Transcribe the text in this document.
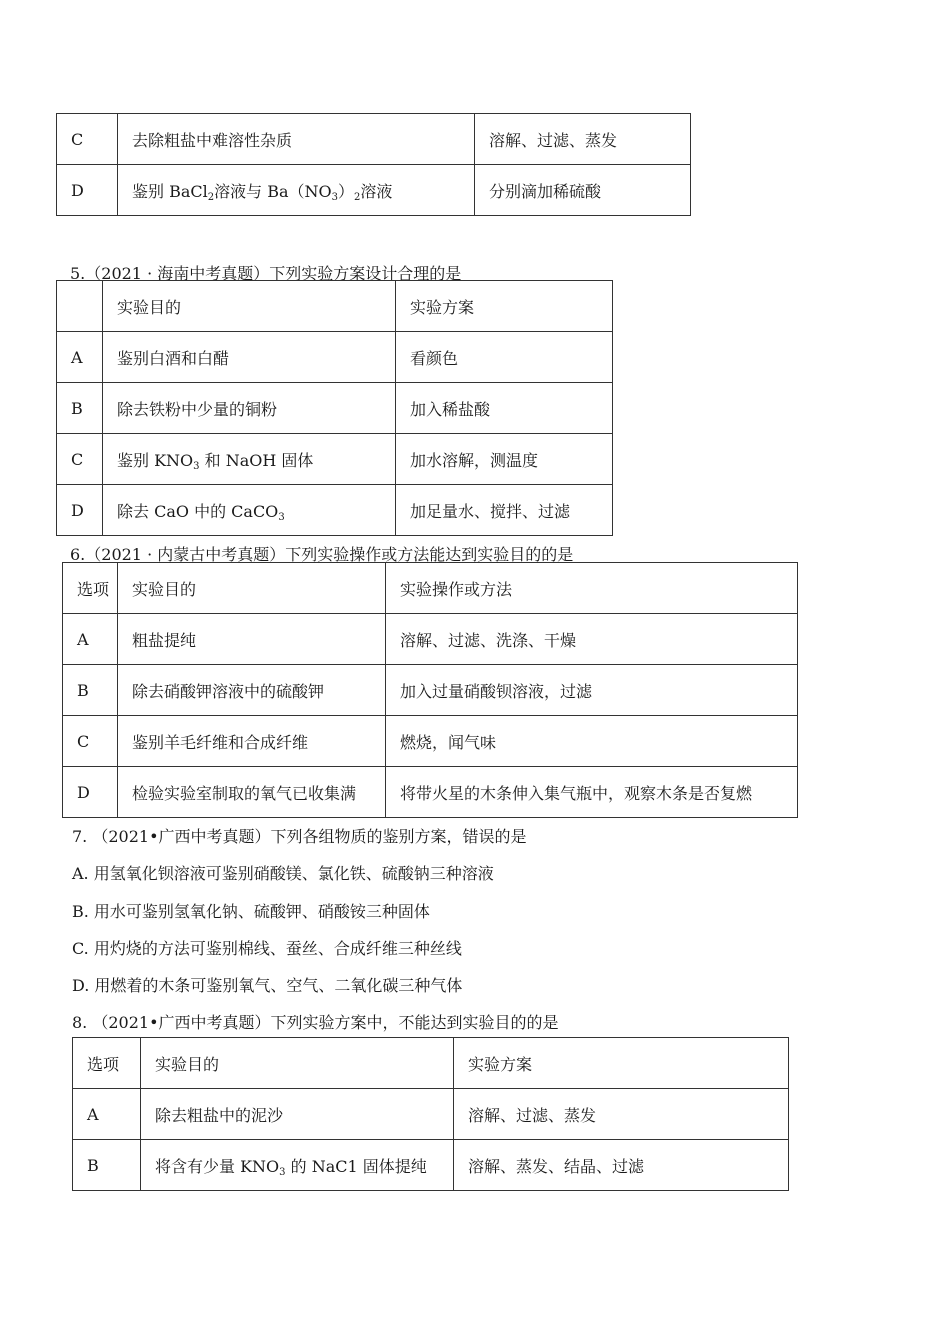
C	去除粗盐中难溶性杂质	溶解、过滤、蒸发
D	鉴别 BaCl$_2$溶液与 $Ba(NO_3)_2$溶液	分别滴加稀硫酸
5.（2021 · 海南中考真题）下列实验方案设计合理的是
	实验目的	实验方案
A	鉴别白酒和白醋	看颜色
B	除去铁粉中少量的铜粉	加入稀盐酸
C	鉴别 $KNO_3$ 和 NaOH 固体	加水溶解，测温度
D	除去 CaO 中的 CaCO$_3$	加足量水、搅拌、过滤
6.（2021 · 内蒙古中考真题）下列实验操作或方法能达到实验目的的是
选项	实验目的	实验操作或方法
A	粗盐提纯	溶解、过滤、洗涤、干燥
B	除去硝酸钾溶液中的硫酸钾	加入过量硝酸钡溶液，过滤
C	鉴别羊毛纤维和合成纤维	燃烧，闻气味
D	检验实验室制取的氧气已收集满	将带火星的木条伸入集气瓶中，观察木条是否复燃
7. （2021•广西中考真题）下列各组物质的鉴别方案，错误的是
A. 用氢氧化钡溶液可鉴别硝酸镁、氯化铁、硫酸钠三种溶液
B. 用水可鉴别氢氧化钠、硫酸钾、硝酸铵三种固体
C. 用灼烧的方法可鉴别棉线、蚕丝、合成纤维三种丝线
D. 用燃着的木条可鉴别氧气、空气、二氧化碳三种气体
8. （2021•广西中考真题）下列实验方案中，不能达到实验目的的是
选项	实验目的	实验方案
A	除去粗盐中的泥沙	溶解、过滤、蒸发
B	将含有少量 $KNO_3$ 的 NaC1 固体提纯	溶解、蒸发、结晶、过滤
